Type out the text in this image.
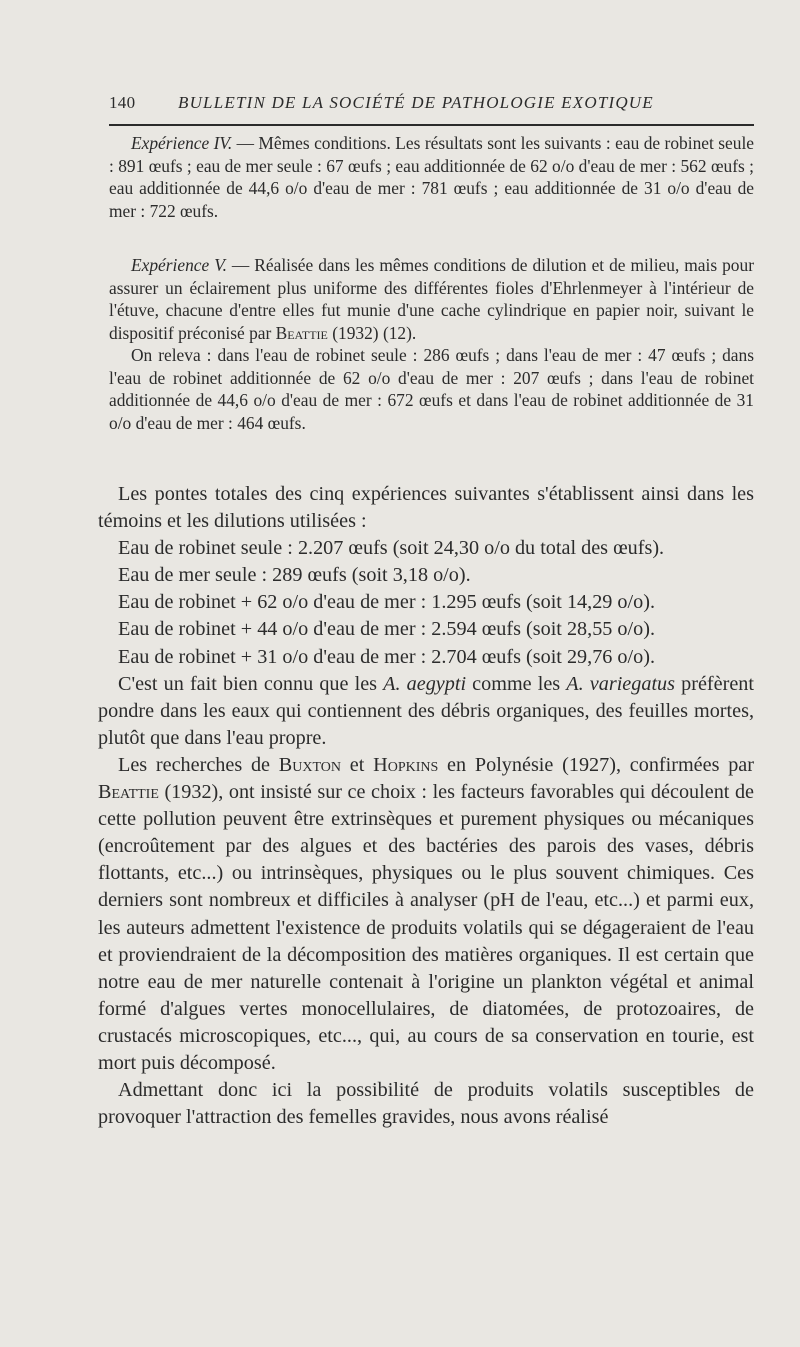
140	BULLETIN DE LA SOCIÉTÉ DE PATHOLOGIE EXOTIQUE

Expérience IV. — Mêmes conditions. Les résultats sont les suivants : eau de robinet seule : 891 œufs ; eau de mer seule : 67 œufs ; eau additionnée de 62 o/o d'eau de mer : 562 œufs ; eau additionnée de 44,6 o/o d'eau de mer : 781 œufs ; eau additionnée de 31 o/o d'eau de mer : 722 œufs.

Expérience V. — Réalisée dans les mêmes conditions de dilution et de milieu, mais pour assurer un éclairement plus uniforme des différentes fioles d'Ehrlenmeyer à l'intérieur de l'étuve, chacune d'entre elles fut munie d'une cache cylindrique en papier noir, suivant le dispositif préconisé par Beattie (1932) (12).

On releva : dans l'eau de robinet seule : 286 œufs ; dans l'eau de mer : 47 œufs ; dans l'eau de robinet additionnée de 62 o/o d'eau de mer : 207 œufs ; dans l'eau de robinet additionnée de 44,6 o/o d'eau de mer : 672 œufs et dans l'eau de robinet additionnée de 31 o/o d'eau de mer : 464 œufs.

Les pontes totales des cinq expériences suivantes s'établissent ainsi dans les témoins et les dilutions utilisées :

Eau de robinet seule : 2.207 œufs (soit 24,30 o/o du total des œufs).

Eau de mer seule : 289 œufs (soit 3,18 o/o).

Eau de robinet + 62 o/o d'eau de mer : 1.295 œufs (soit 14,29 o/o).

Eau de robinet + 44 o/o d'eau de mer : 2.594 œufs (soit 28,55 o/o).

Eau de robinet + 31 o/o d'eau de mer : 2.704 œufs (soit 29,76 o/o).

C'est un fait bien connu que les A. aegypti comme les A. variegatus préfèrent pondre dans les eaux qui contiennent des débris organiques, des feuilles mortes, plutôt que dans l'eau propre.

Les recherches de Buxton et Hopkins en Polynésie (1927), confirmées par Beattie (1932), ont insisté sur ce choix : les facteurs favorables qui découlent de cette pollution peuvent être extrinsèques et purement physiques ou mécaniques (encroûtement par des algues et des bactéries des parois des vases, débris flottants, etc...) ou intrinsèques, physiques ou le plus souvent chimiques. Ces derniers sont nombreux et difficiles à analyser (pH de l'eau, etc...) et parmi eux, les auteurs admettent l'existence de produits volatils qui se dégageraient de l'eau et proviendraient de la décomposition des matières organiques. Il est certain que notre eau de mer naturelle contenait à l'origine un plankton végétal et animal formé d'algues vertes monocellulaires, de diatomées, de protozoaires, de crustacés microscopiques, etc..., qui, au cours de sa conservation en tourie, est mort puis décomposé.

Admettant donc ici la possibilité de produits volatils susceptibles de provoquer l'attraction des femelles gravides, nous avons réalisé
